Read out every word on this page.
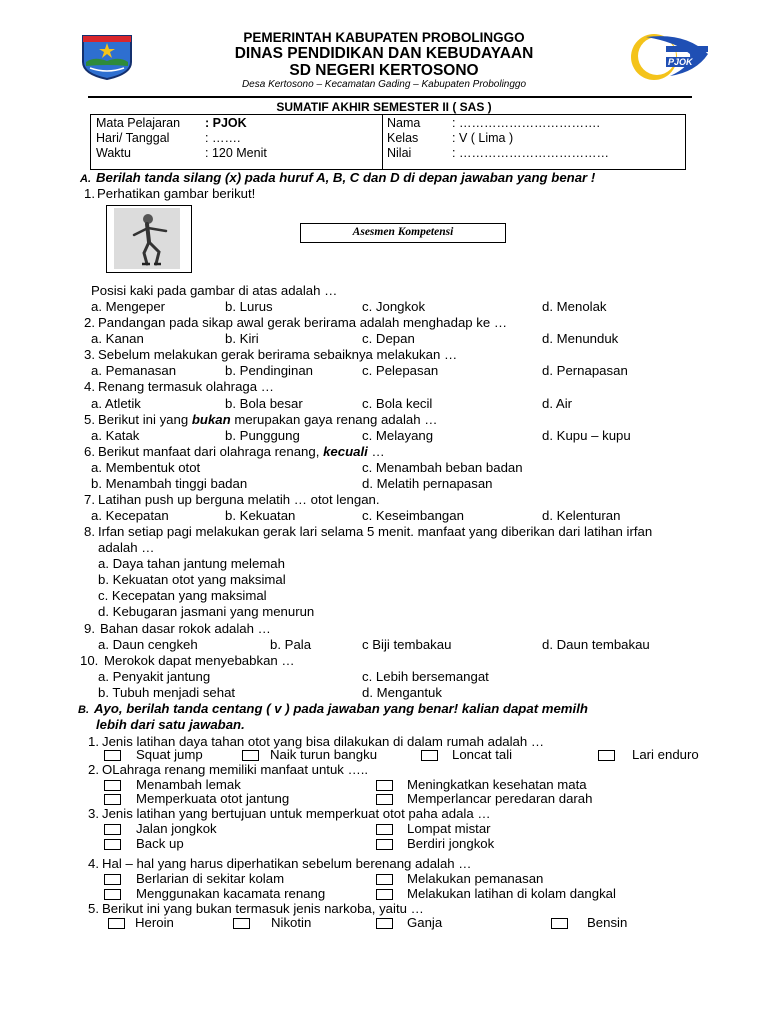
PJOK
PEMERINTAH KABUPATEN PROBOLINGGO
DINAS PENDIDIKAN DAN KEBUDAYAAN
SD NEGERI KERTOSONO
Desa Kertosono – Kecamatan Gading – Kabupaten Probolinggo
SUMATIF AKHIR SEMESTER II ( SAS )
Mata Pelajaran : PJOK
Hari/ Tanggal	: …….
Waktu	: 120 Menit
Nama	: …………………………….
Kelas	: V ( Lima )
Nilai	: ………………………………
A. Berilah tanda silang (x) pada huruf A, B, C dan D di depan jawaban yang benar !
1. Perhatikan gambar berikut!
Asesmen Kompetensi
Posisi kaki pada gambar di atas adalah …
a. Mengeper	b. Lurus	c. Jongkok	d. Menolak
2. Pandangan pada sikap awal gerak berirama adalah menghadap ke …
a. Kanan	b. Kiri	c. Depan	d. Menunduk
3. Sebelum melakukan gerak berirama sebaiknya melakukan …
a. Pemanasan	b. Pendinginan	c. Pelepasan	d. Pernapasan
4. Renang termasuk olahraga …
a. Atletik	b. Bola besar	c. Bola kecil	d. Air
5. Berikut ini yang bukan merupakan gaya renang adalah …
a. Katak	b. Punggung	c. Melayang	d. Kupu – kupu
6. Berikut manfaat dari olahraga renang, kecuali …
a. Membentuk otot	c. Menambah beban badan
b. Menambah tinggi badan	d. Melatih pernapasan
7. Latihan push up berguna melatih … otot lengan.
a. Kecepatan	b. Kekuatan	c. Keseimbangan	d. Kelenturan
8. Irfan setiap pagi melakukan gerak lari selama 5 menit. manfaat yang diberikan dari latihan irfan
adalah …
a. Daya tahan jantung melemah
b. Kekuatan otot yang maksimal
c. Kecepatan yang maksimal
d. Kebugaran jasmani yang menurun
9. Bahan dasar rokok adalah …
a. Daun cengkeh	b. Pala	c Biji tembakau	d. Daun tembakau
10. Merokok dapat menyebabkan …
a. Penyakit jantung	c. Lebih bersemangat
b. Tubuh menjadi sehat	d. Mengantuk
B. Ayo, berilah tanda centang ( v ) pada jawaban yang benar! kalian dapat memilh
lebih dari satu jawaban.
1. Jenis latihan daya tahan otot yang bisa dilakukan di dalam rumah adalah …
Squat jump	Naik turun bangku	Loncat tali	Lari enduro
2. OLahraga renang memiliki manfaat untuk …..
Menambah lemak	Meningkatkan kesehatan mata
Memperkuata otot jantung	Memperlancar peredaran darah
3. Jenis latihan yang bertujuan untuk memperkuat otot paha adala …
Jalan jongkok	Lompat mistar
Back up	Berdiri jongkok
4. Hal – hal yang harus diperhatikan sebelum berenang adalah …
Berlarian di sekitar kolam	Melakukan pemanasan
Menggunakan kacamata renang	Melakukan latihan di kolam dangkal
5. Berikut ini yang bukan termasuk jenis narkoba, yaitu …
Heroin	Nikotin	Ganja	Bensin
